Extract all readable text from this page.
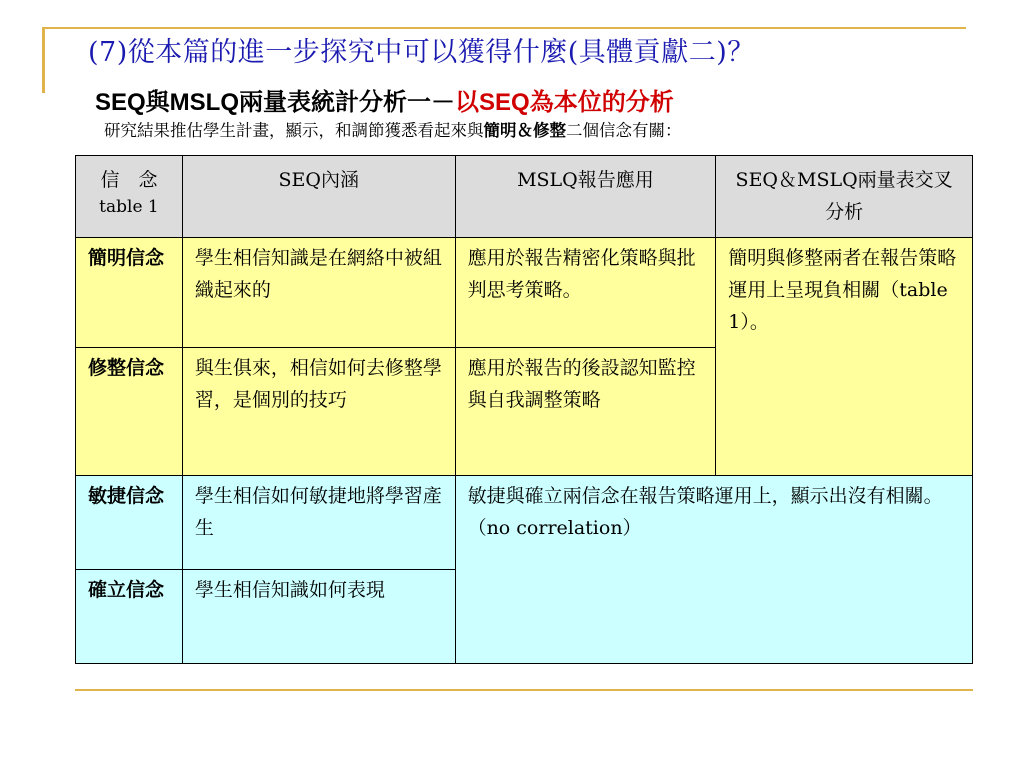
(7)從本篇的進一步探究中可以獲得什麼(具體貢獻二)？
SEQ與MSLQ兩量表統計分析一－以SEQ為本位的分析
研究結果推估學生計畫，顯示，和調節獲悉看起來與簡明＆修整二個信念有關：
信　念
table 1	SEQ內涵	MSLQ報告應用	SEQ＆MSLQ兩量表交叉分析
簡明信念	學生相信知識是在網絡中被組織起來的	應用於報告精密化策略與批判思考策略。	簡明與修整兩者在報告策略運用上呈現負相關（table 1）。
修整信念	與生俱來，相信如何去修整學習，是個別的技巧	應用於報告的後設認知監控與自我調整策略	
敏捷信念	學生相信如何敏捷地將學習產生	敏捷與確立兩信念在報告策略運用上，顯示出沒有相關。（no correlation）	
確立信念	學生相信知識如何表現		
